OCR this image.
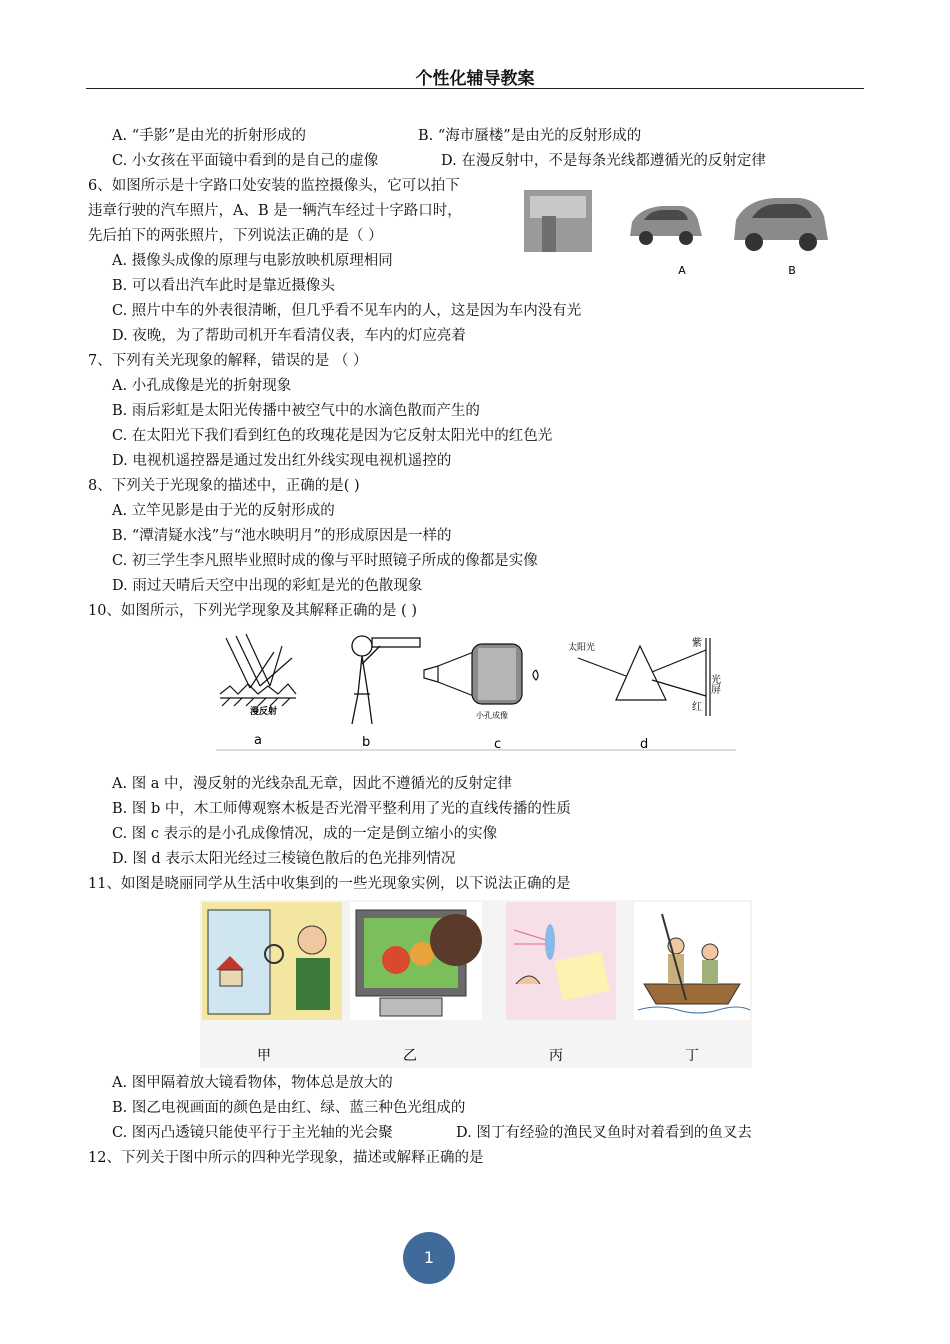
个性化辅导教案
A. “手影”是由光的折射形成的	B. “海市蜃楼”是由光的反射形成的
C. 小女孩在平面镜中看到的是自己的虚像	D. 在漫反射中，不是每条光线都遵循光的反射定律
6、如图所示是十字路口处安装的监控摄像头，它可以拍下
违章行驶的汽车照片，A、B 是一辆汽车经过十字路口时，
先后拍下的两张照片，下列说法正确的是（ ）
A	B
A. 摄像头成像的原理与电影放映机原理相同
B. 可以看出汽车此时是靠近摄像头
C. 照片中车的外表很清晰，但几乎看不见车内的人，这是因为车内没有光
D. 夜晚，为了帮助司机开车看清仪表，车内的灯应亮着
7、下列有关光现象的解释，错误的是 （ ）
A. 小孔成像是光的折射现象
B. 雨后彩虹是太阳光传播中被空气中的水滴色散而产生的
C. 在太阳光下我们看到红色的玫瑰花是因为它反射太阳光中的红色光
D. 电视机遥控器是通过发出红外线实现电视机遥控的
8、下列关于光现象的描述中，正确的是( )
A. 立竿见影是由于光的反射形成的
B. “潭清疑水浅”与“池水映明月”的形成原因是一样的
C. 初三学生李凡照毕业照时成的像与平时照镜子所成的像都是实像
D. 雨过天晴后天空中出现的彩虹是光的色散现象
10、如图所示，下列光学现象及其解释正确的是 ( )
漫反射	小孔成像
太阳光	紫
红
光屏
a	b	c	d
A. 图 a 中，漫反射的光线杂乱无章，因此不遵循光的反射定律
B. 图 b 中，木工师傅观察木板是否光滑平整利用了光的直线传播的性质
C. 图 c 表示的是小孔成像情况，成的一定是倒立缩小的实像
D. 图 d 表示太阳光经过三棱镜色散后的色光排列情况
11、如图是晓丽同学从生活中收集到的一些光现象实例，以下说法正确的是
甲	乙	丙	丁
A. 图甲隔着放大镜看物体，物体总是放大的
B. 图乙电视画面的颜色是由红、绿、蓝三种色光组成的
C. 图丙凸透镜只能使平行于主光轴的光会聚	D. 图丁有经验的渔民叉鱼时对着看到的鱼叉去
12、下列关于图中所示的四种光学现象，描述或解释正确的是
1
